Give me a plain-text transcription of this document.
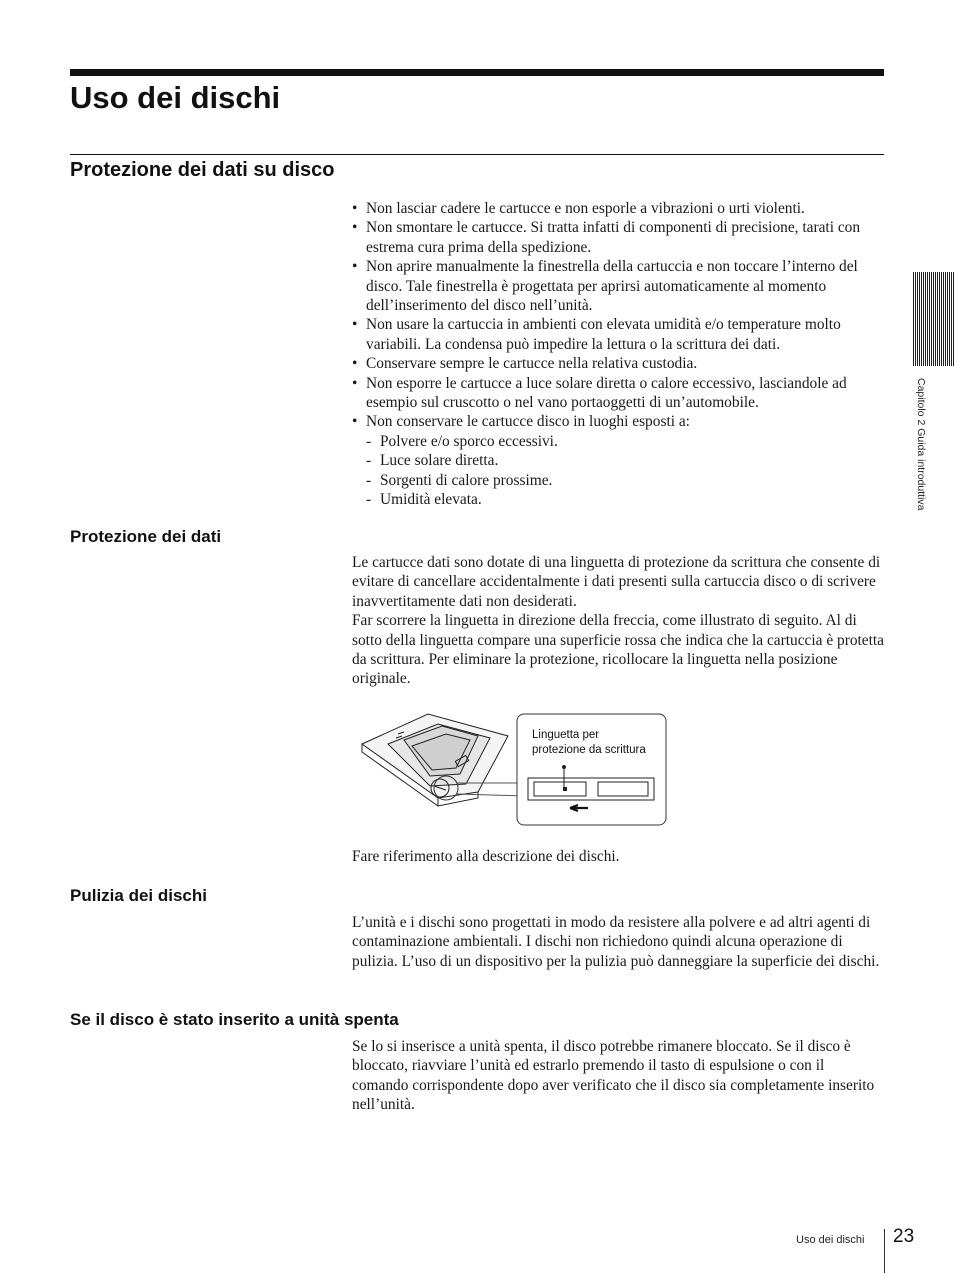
Uso dei dischi
Protezione dei dati su disco
• Non lasciar cadere le cartucce e non esporle a vibrazioni o urti violenti.
• Non smontare le cartucce. Si tratta infatti di componenti di precisione, tarati con estrema cura prima della spedizione.
• Non aprire manualmente la finestrella della cartuccia e non toccare l’interno del disco. Tale finestrella è progettata per aprirsi automaticamente al momento dell’inserimento del disco nell’unità.
• Non usare la cartuccia in ambienti con elevata umidità e/o temperature molto variabili. La condensa può impedire la lettura o la scrittura dei dati.
• Conservare sempre le cartucce nella relativa custodia.
• Non esporre le cartucce a luce solare diretta o calore eccessivo, lasciandole ad esempio sul cruscotto o nel vano portaoggetti di un’automobile.
• Non conservare le cartucce disco in luoghi esposti a:
- Polvere e/o sporco eccessivi.
- Luce solare diretta.
- Sorgenti di calore prossime.
- Umidità elevata.
Protezione dei dati

Le cartucce dati sono dotate di una linguetta di protezione da scrittura che consente di evitare di cancellare accidentalmente i dati presenti sulla cartuccia disco o di scrivere inavvertitamente dati non desiderati.

Far scorrere la linguetta in direzione della freccia, come illustrato di seguito. Al di sotto della linguetta compare una superficie rossa che indica che la cartuccia è protetta da scrittura. Per eliminare la protezione, ricollocare la linguetta nella posizione originale.

Linguetta per
protezione da scrittura

Fare riferimento alla descrizione dei dischi.

Pulizia dei dischi

L’unità e i dischi sono progettati in modo da resistere alla polvere e ad altri agenti di contaminazione ambientali. I dischi non richiedono quindi alcuna operazione di pulizia. L’uso di un dispositivo per la pulizia può danneggiare la superficie dei dischi.

Se il disco è stato inserito a unità spenta

Se lo si inserisce a unità spenta, il disco potrebbe rimanere bloccato. Se il disco è bloccato, riavviare l’unità ed estrarlo premendo il tasto di espulsione o con il comando corrispondente dopo aver verificato che il disco sia completamente inserito nell’unità.

Capitolo 2 Guida introduttiva

Uso dei dischi 23
